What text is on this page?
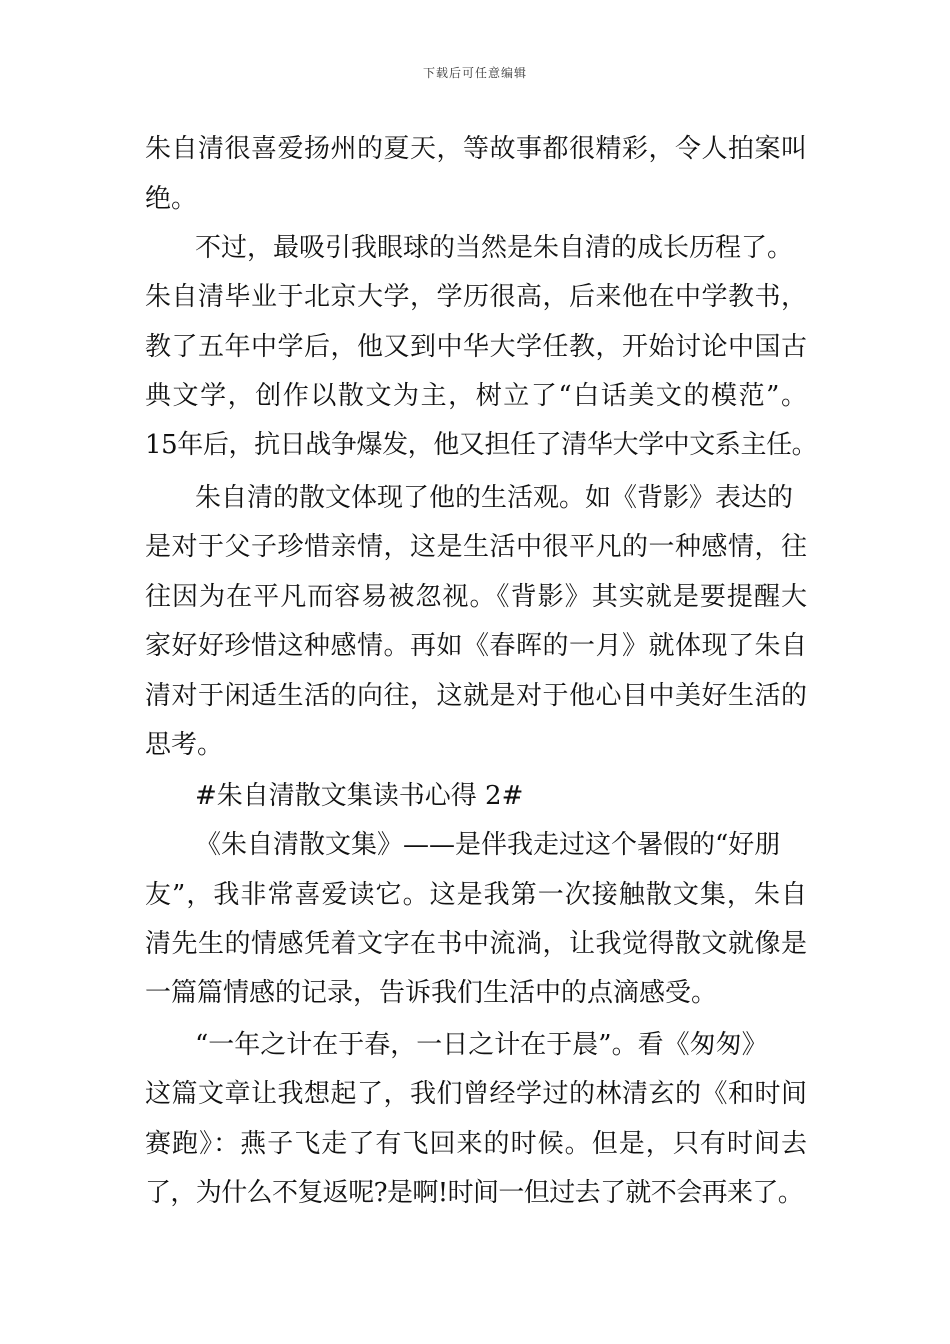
下载后可任意编辑
朱自清很喜爱扬州的夏天，等故事都很精彩，令人拍案叫
绝。
不过，最吸引我眼球的当然是朱自清的成长历程了。
朱自清毕业于北京大学，学历很高，后来他在中学教书，
教了五年中学后，他又到中华大学任教，开始讨论中国古
典文学，创作以散文为主，树立了“白话美文的模范”。
15年后，抗日战争爆发，他又担任了清华大学中文系主任。
朱自清的散文体现了他的生活观。如《背影》表达的
是对于父子珍惜亲情，这是生活中很平凡的一种感情，往
往因为在平凡而容易被忽视。《背影》其实就是要提醒大
家好好珍惜这种感情。再如《春晖的一月》就体现了朱自
清对于闲适生活的向往，这就是对于他心目中美好生活的
思考。
#朱自清散文集读书心得 2#
《朱自清散文集》——是伴我走过这个暑假的“好朋
友”，我非常喜爱读它。这是我第一次接触散文集，朱自
清先生的情感凭着文字在书中流淌，让我觉得散文就像是
一篇篇情感的记录，告诉我们生活中的点滴感受。
“一年之计在于春，一日之计在于晨”。看《匆匆》
这篇文章让我想起了，我们曾经学过的林清玄的《和时间
赛跑》：燕子飞走了有飞回来的时候。但是，只有时间去
了，为什么不复返呢?是啊!时间一但过去了就不会再来了。
